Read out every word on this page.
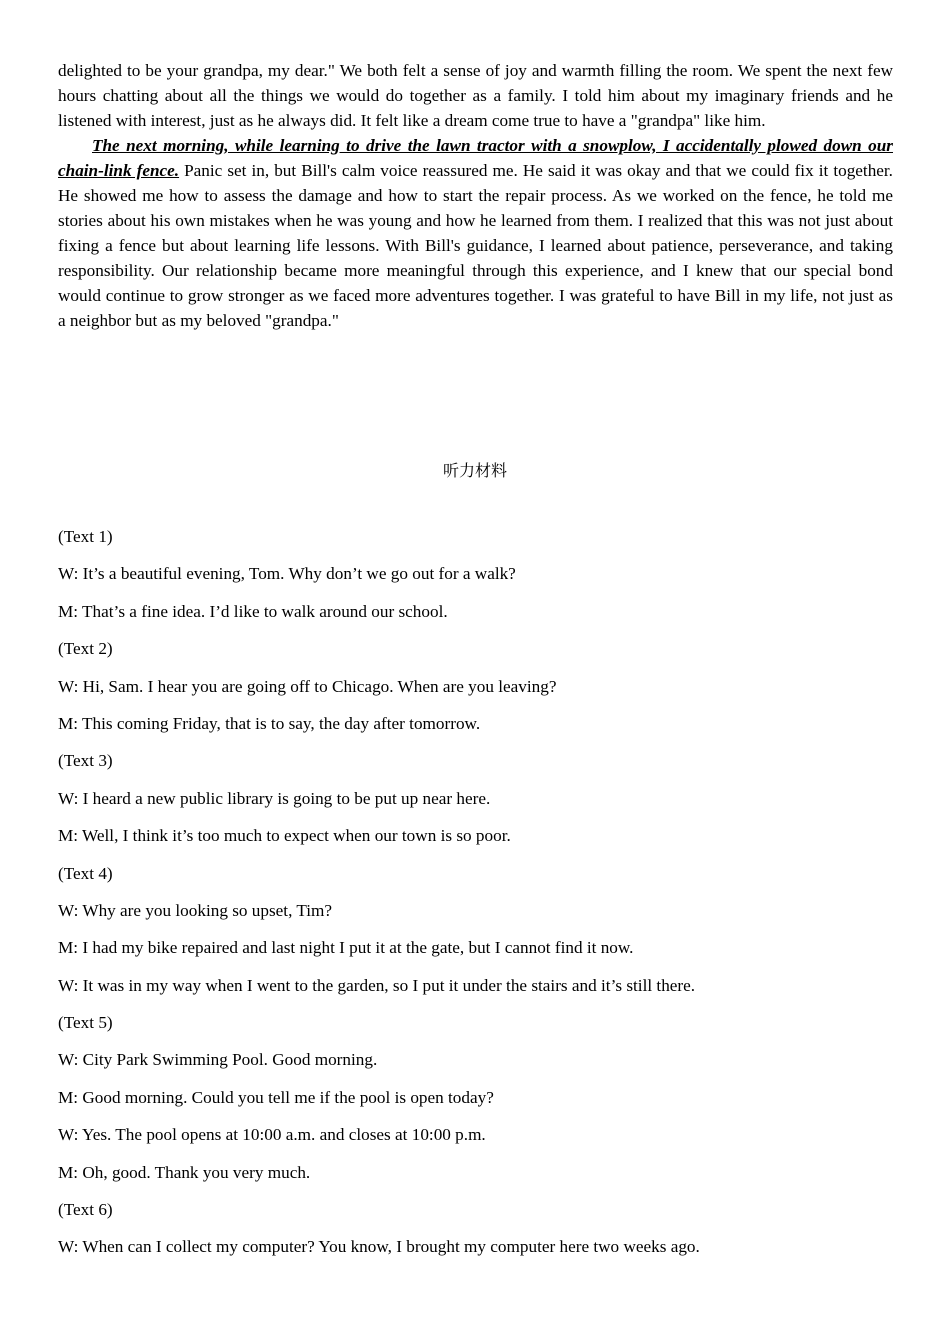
delighted to be your grandpa, my dear." We both felt a sense of joy and warmth filling the room. We spent the next few hours chatting about all the things we would do together as a family. I told him about my imaginary friends and he listened with interest, just as he always did. It felt like a dream come true to have a "grandpa" like him.

The next morning, while learning to drive the lawn tractor with a snowplow, I accidentally plowed down our chain-link fence. Panic set in, but Bill's calm voice reassured me. He said it was okay and that we could fix it together. He showed me how to assess the damage and how to start the repair process. As we worked on the fence, he told me stories about his own mistakes when he was young and how he learned from them. I realized that this was not just about fixing a fence but about learning life lessons. With Bill's guidance, I learned about patience, perseverance, and taking responsibility. Our relationship became more meaningful through this experience, and I knew that our special bond would continue to grow stronger as we faced more adventures together. I was grateful to have Bill in my life, not just as a neighbor but as my beloved "grandpa."

听力材料
(Text 1)
W: It’s a beautiful evening, Tom. Why don’t we go out for a walk?
M: That’s a fine idea. I’d like to walk around our school.
(Text 2)
W: Hi, Sam. I hear you are going off to Chicago. When are you leaving?
M: This coming Friday, that is to say, the day after tomorrow.
(Text 3)
W: I heard a new public library is going to be put up near here.
M: Well, I think it’s too much to expect when our town is so poor.
(Text 4)
W: Why are you looking so upset, Tim?
M: I had my bike repaired and last night I put it at the gate, but I cannot find it now.
W: It was in my way when I went to the garden, so I put it under the stairs and it’s still there.
(Text 5)
W: City Park Swimming Pool. Good morning.
M: Good morning. Could you tell me if the pool is open today?
W: Yes. The pool opens at 10:00 a.m. and closes at 10:00 p.m.
M: Oh, good. Thank you very much.
(Text 6)
W: When can I collect my computer? You know, I brought my computer here two weeks ago.
